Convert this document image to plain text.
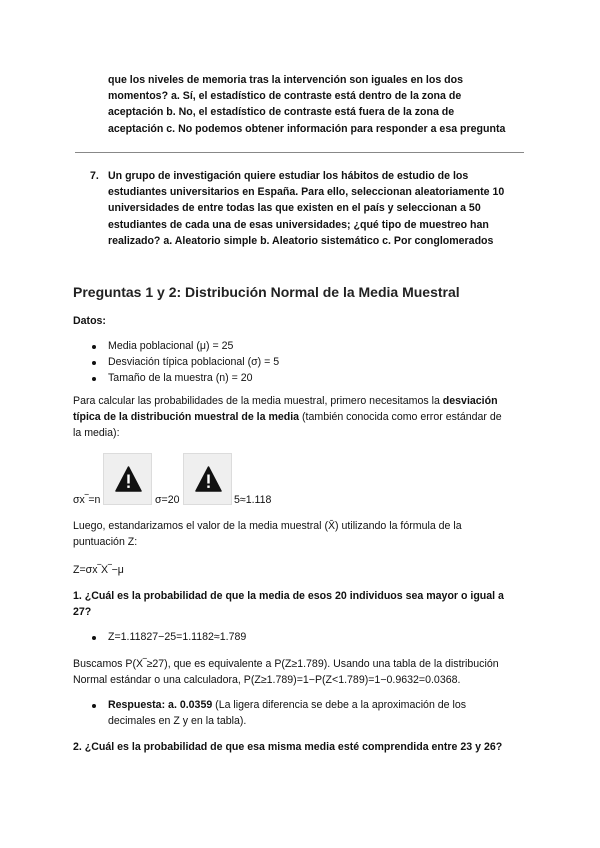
que los niveles de memoria tras la intervención son iguales en los dos
momentos? a. Sí, el estadístico de contraste está dentro de la zona de
aceptación b. No, el estadístico de contraste está fuera de la zona de
aceptación c. No podemos obtener información para responder a esa pregunta
7. Un grupo de investigación quiere estudiar los hábitos de estudio de los
estudiantes universitarios en España. Para ello, seleccionan aleatoriamente 10
universidades de entre todas las que existen en el país y seleccionan a 50
estudiantes de cada una de esas universidades; ¿qué tipo de muestreo han
realizado? a. Aleatorio simple b. Aleatorio sistemático c. Por conglomerados
Preguntas 1 y 2: Distribución Normal de la Media Muestral
Datos:
Media poblacional (μ) = 25
Desviación típica poblacional (σ) = 5
Tamaño de la muestra (n) = 20
Para calcular las probabilidades de la media muestral, primero necesitamos la desviación
típica de la distribución muestral de la media (también conocida como error estándar de
la media):
σx‾=n	σ=20	5≈1.118
Luego, estandarizamos el valor de la media muestral (X̄) utilizando la fórmula de la
puntuación Z:
Z=σx‾X‾−μ
1. ¿Cuál es la probabilidad de que la media de esos 20 individuos sea mayor o igual a
27?
Z=1.11827−25=1.1182≈1.789
Buscamos P(X‾≥27), que es equivalente a P(Z≥1.789). Usando una tabla de la distribución
Normal estándar o una calculadora, P(Z≥1.789)=1−P(Z<1.789)=1−0.9632=0.0368.
Respuesta: a. 0.0359 (La ligera diferencia se debe a la aproximación de los
decimales en Z y en la tabla).
2. ¿Cuál es la probabilidad de que esa misma media esté comprendida entre 23 y 26?
